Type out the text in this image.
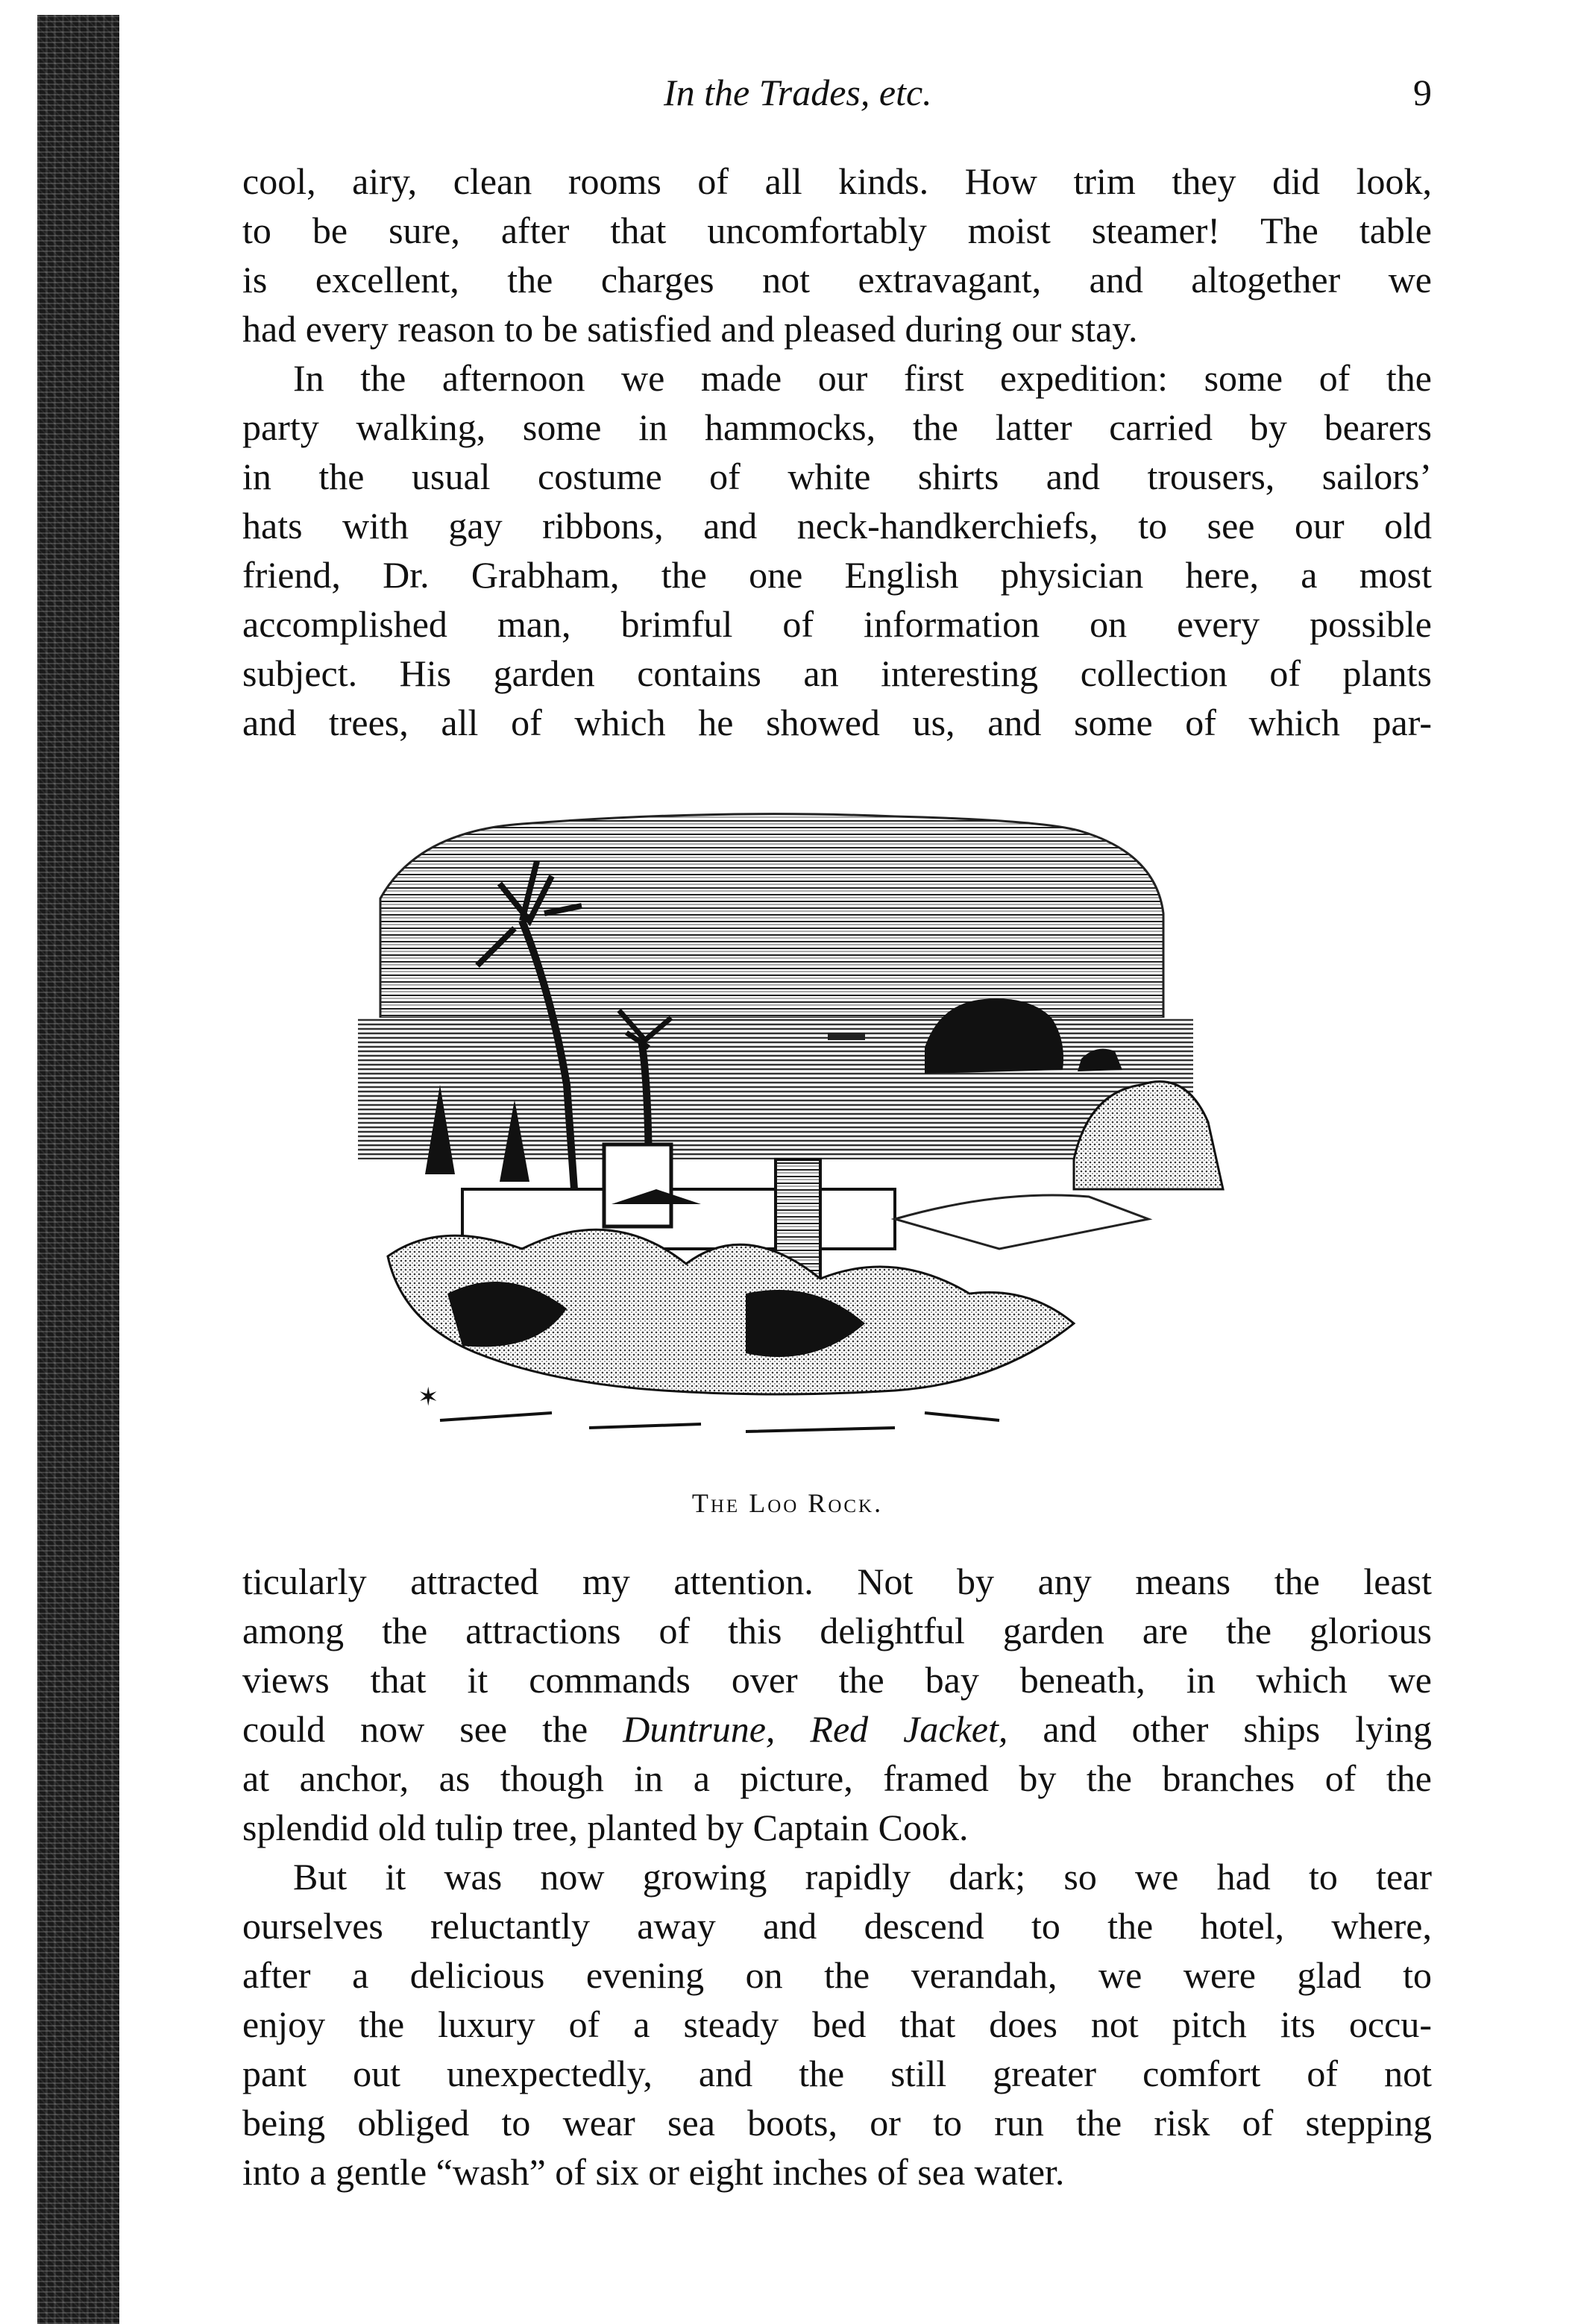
In the Trades, etc.	9
cool, airy, clean rooms of all kinds. How trim they did look,
to be sure, after that uncomfortably moist steamer! The table
is excellent, the charges not extravagant, and altogether we
had every reason to be satisfied and pleased during our stay.
In the afternoon we made our first expedition: some of the
party walking, some in hammocks, the latter carried by bearers
in the usual costume of white shirts and trousers, sailors’
hats with gay ribbons, and neck-handkerchiefs, to see our old
friend, Dr. Grabham, the one English physician here, a most
accomplished man, brimful of information on every possible
subject. His garden contains an interesting collection of plants
and trees, all of which he showed us, and some of which par-
✶
The Loo Rock.
ticularly attracted my attention. Not by any means the least
among the attractions of this delightful garden are the glorious
views that it commands over the bay beneath, in which we
could now see the Duntrune, Red Jacket, and other ships lying
at anchor, as though in a picture, framed by the branches of the
splendid old tulip tree, planted by Captain Cook.
But it was now growing rapidly dark; so we had to tear
ourselves reluctantly away and descend to the hotel, where,
after a delicious evening on the verandah, we were glad to
enjoy the luxury of a steady bed that does not pitch its occu-
pant out unexpectedly, and the still greater comfort of not
being obliged to wear sea boots, or to run the risk of stepping
into a gentle “wash” of six or eight inches of sea water.
